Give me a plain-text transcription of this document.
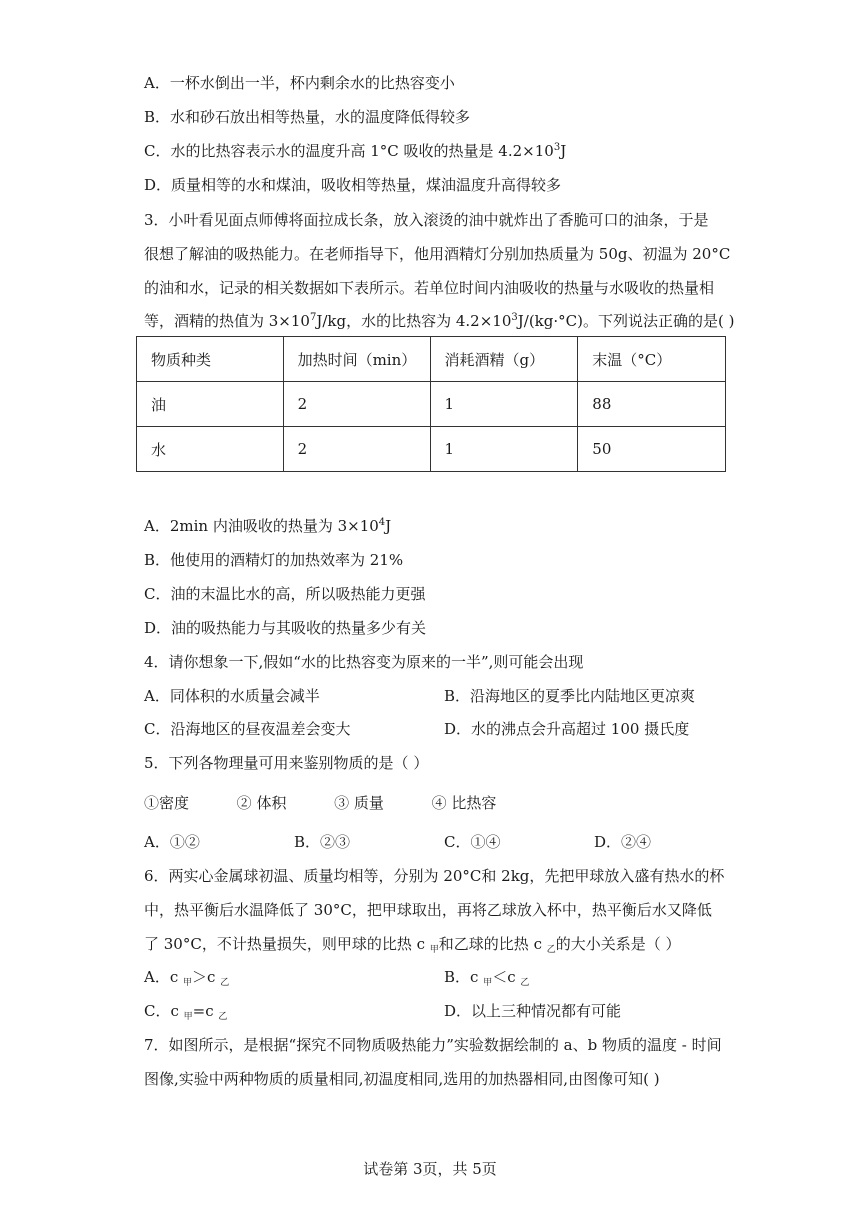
A．一杯水倒出一半，杯内剩余水的比热容变小
B．水和砂石放出相等热量，水的温度降低得较多
C．水的比热容表示水的温度升高 1°C 吸收的热量是 $4.2\times 10^3J$
D．质量相等的水和煤油，吸收相等热量，煤油温度升高得较多
3．小叶看见面点师傅将面拉成长条，放入滚烫的油中就炸出了香脆可口的油条，于是
很想了解油的吸热能力。在老师指导下，他用酒精灯分别加热质量为 50g、初温为 20°C
的油和水，记录的相关数据如下表所示。若单位时间内油吸收的热量与水吸收的热量相
等，酒精的热值为 $3\times 10^7J/kg$，水的比热容为 $4.2\times 10^3J/(kg\cdot^\circ C)$。下列说法正确的是( )
物质种类	加热时间（min）	消耗酒精（g）	末温（°C）
油	2	1	88
水	2	1	50
A．2min 内油吸收的热量为 $3\times 10^4J$
B．他使用的酒精灯的加热效率为 21%
C．油的末温比水的高，所以吸热能力更强
D．油的吸热能力与其吸收的热量多少有关
4．请你想象一下,假如“水的比热容变为原来的一半”,则可能会出现
A．同体积的水质量会减半	B．沿海地区的夏季比内陆地区更凉爽
C．沿海地区的昼夜温差会变大	D．水的沸点会升高超过 100 摄氏度
5．下列各物理量可用来鉴别物质的是（ ）
①密度          ② 体积          ③ 质量          ④ 比热容
A．①②	B．②③	C．①④	D．②④
6．两实心金属球初温、质量均相等，分别为 20°C和 2kg，先把甲球放入盛有热水的杯
中，热平衡后水温降低了 30°C，把甲球取出，再将乙球放入杯中，热平衡后水又降低
了 30°C，不计热量损失，则甲球的比热 c $_甲$和乙球的比热 c $_乙$的大小关系是（ ）
A．c $_甲$＞c $_乙$	B．c $_甲$＜c $_乙$
C．c $_甲$=c $_乙$	D．以上三种情况都有可能
7．如图所示，是根据“探究不同物质吸热能力”实验数据绘制的 a、b 物质的温度 - 时间
图像,实验中两种物质的质量相同,初温度相同,选用的加热器相同,由图像可知( )
试卷第 3页，共 5页
